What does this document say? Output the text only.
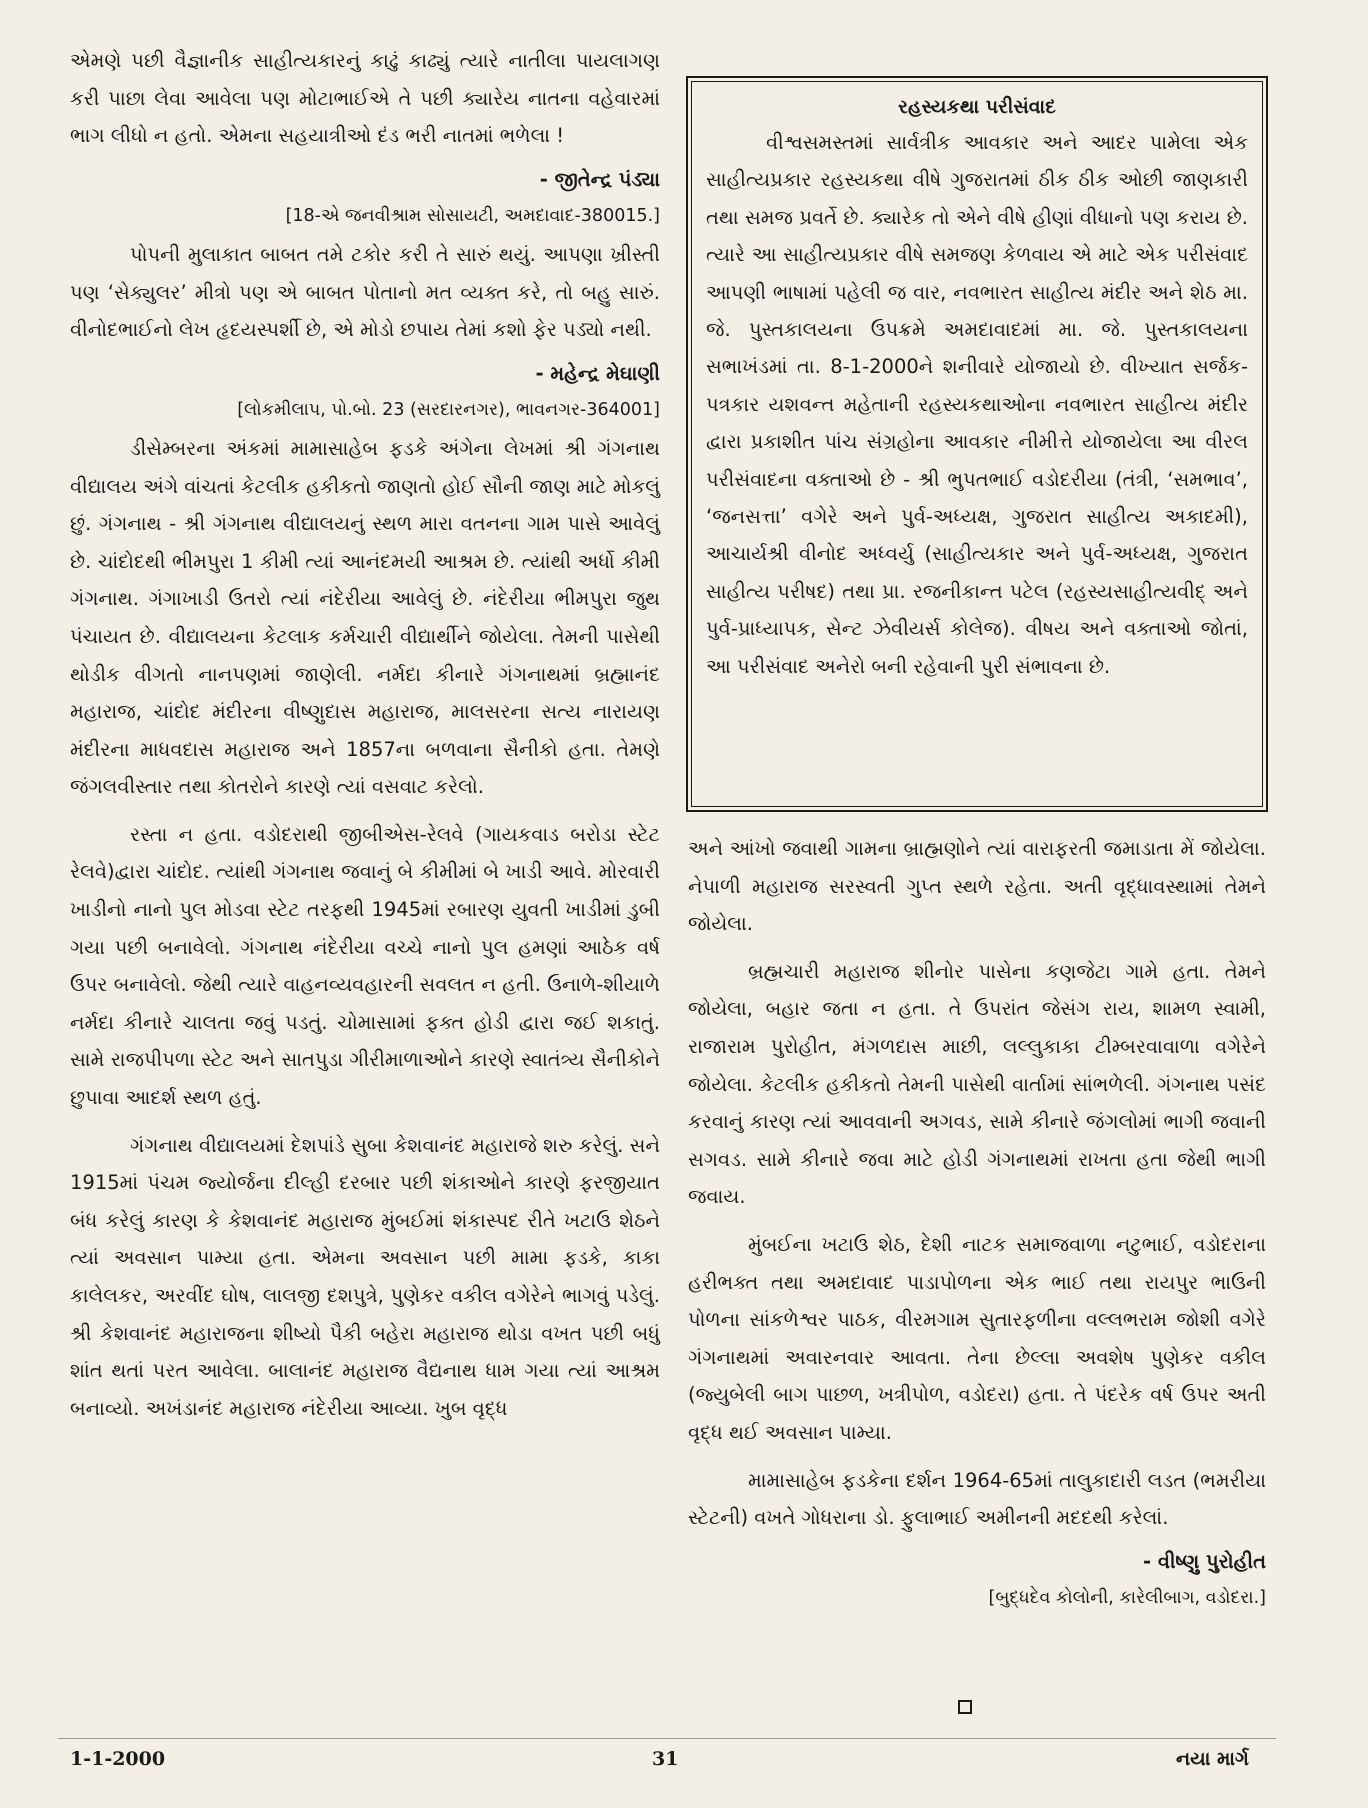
એમણે પછી વૈજ્ઞાનીક સાહીત્યકારનું કાઢું કાઢ્યું ત્યારે નાતીલા પાયલાગણ કરી પાછા લેવા આવેલા પણ મોટાભાઈએ તે પછી ક્યારેય નાતના વહેવારમાં ભાગ લીધો ન હતો. એમના સહયાત્રીઓ દંડ ભરી નાતમાં ભળેલા !

- જીતેન્દ્ર પંડ્યા

[18-એ જનવીશ્રામ સોસાયટી, અમદાવાદ-380015.]

પોપની મુલાકાત બાબત તમે ટકોર કરી તે સારું થયું. આપણા ખ્રીસ્તી પણ ‘સેક્યુલર’ મીત્રો પણ એ બાબત પોતાનો મત વ્યક્ત કરે, તો બહુ સારું. વીનોદભાઈનો લેખ હૃદયસ્પર્શી છે, એ મોડો છપાય તેમાં કશો ફેર પડ્યો નથી.

- મહેન્દ્ર મેઘાણી

[લોકમીલાપ, પો.બો. 23 (સરદારનગર), ભાવનગર-364001]

ડીસેમ્બરના અંકમાં મામાસાહેબ ફડકે અંગેના લેખમાં શ્રી ગંગનાથ વીદ્યાલય અંગે વાંચતાં કેટલીક હકીકતો જાણતો હોઈ સૌની જાણ માટે મોકલું છું. ગંગનાથ - શ્રી ગંગનાથ વીદ્યાલયનું સ્થળ મારા વતનના ગામ પાસે આવેલું છે. ચાંદોદથી ભીમપુરા 1 કીમી ત્યાં આનંદમયી આશ્રમ છે. ત્યાંથી અર્ધો કીમી ગંગનાથ. ગંગાખાડી ઉતરો ત્યાં નંદેરીયા આવેલું છે. નંદેરીયા ભીમપુરા જુથ પંચાયત છે. વીદ્યાલયના કેટલાક કર્મચારી વીદ્યાર્થીને જોયેલા. તેમની પાસેથી થોડીક વીગતો નાનપણમાં જાણેલી. નર્મદા કીનારે ગંગનાથમાં બ્રહ્માનંદ મહારાજ, ચાંદોદ મંદીરના વીષ્ણુદાસ મહારાજ, માલસરના સત્ય નારાયણ મંદીરના માધવદાસ મહારાજ અને 1857ના બળવાના સૈનીકો હતા. તેમણે જંગલવીસ્તાર તથા કોતરોને કારણે ત્યાં વસવાટ કરેલો.

રસ્તા ન હતા. વડોદરાથી જીબીએસ-રેલવે (ગાયકવાડ બરોડા સ્ટેટ રેલવે)દ્વારા ચાંદોદ. ત્યાંથી ગંગનાથ જવાનું બે કીમીમાં બે ખાડી આવે. મોરવારી ખાડીનો નાનો પુલ મોડવા સ્ટેટ તરફથી 1945માં રબારણ યુવતી ખાડીમાં ડુબી ગયા પછી બનાવેલો. ગંગનાથ નંદેરીયા વચ્ચે નાનો પુલ હમણાં આઠેક વર્ષ ઉપર બનાવેલો. જેથી ત્યારે વાહનવ્યવહારની સવલત ન હતી. ઉનાળે-શીયાળે નર્મદા કીનારે ચાલતા જવું પડતું. ચોમાસામાં ફક્ત હોડી દ્વારા જઈ શકાતું. સામે રાજપીપળા સ્ટેટ અને સાતપુડા ગીરીમાળાઓને કારણે સ્વાતંત્ર્ય સૈનીકોને છુપાવા આદર્શ સ્થળ હતું.

ગંગનાથ વીદ્યાલયમાં દેશપાંડે સુબા કેશવાનંદ મહારાજે શરુ કરેલું. સને 1915માં પંચમ જ્યોર્જના દીલ્હી દરબાર પછી શંકાઓને કારણે ફરજીયાત બંધ કરેલું કારણ કે કેશવાનંદ મહારાજ મુંબઈમાં શંકાસ્પદ રીતે ખટાઉ શેઠને ત્યાં અવસાન પામ્યા હતા. એમના અવસાન પછી મામા ફડકે, કાકા કાલેલકર, અરવીંદ ઘોષ, લાલજી દશપુત્રે, પુણેકર વકીલ વગેરેને ભાગવું પડેલું. શ્રી કેશવાનંદ મહારાજના શીષ્યો પૈકી બહેરા મહારાજ થોડા વખત પછી બધું શાંત થતાં પરત આવેલા. બાલાનંદ મહારાજ વૈદ્યનાથ ધામ ગયા ત્યાં આશ્રમ બનાવ્યો. અખંડાનંદ મહારાજ નંદેરીયા આવ્યા. ખુબ વૃદ્ધ

રહસ્યકથા પરીસંવાદ

વીશ્વસમસ્તમાં સાર્વત્રીક આવકાર અને આદર પામેલા એક સાહીત્યપ્રકાર રહસ્યકથા વીષે ગુજરાતમાં ઠીક ઠીક ઓછી જાણકારી તથા સમજ પ્રવર્તે છે. ક્યારેક તો એને વીષે હીણાં વીધાનો પણ કરાય છે. ત્યારે આ સાહીત્યપ્રકાર વીષે સમજણ કેળવાય એ માટે એક પરીસંવાદ આપણી ભાષામાં પહેલી જ વાર, નવભારત સાહીત્ય મંદીર અને શેઠ મા. જે. પુસ્તકાલયના ઉપક્રમે અમદાવાદમાં મા. જે. પુસ્તકાલયના સભાખંડમાં તા. 8-1-2000ને શનીવારે યોજાયો છે. વીખ્યાત સર્જક-પત્રકાર યશવન્ત મહેતાની રહસ્યકથાઓના નવભારત સાહીત્ય મંદીર દ્વારા પ્રકાશીત પાંચ સંગ્રહોના આવકાર નીમીત્તે યોજાયેલા આ વીરલ પરીસંવાદના વક્તાઓ છે - શ્રી ભુપતભાઈ વડોદરીયા (તંત્રી, ‘સમભાવ’, ‘જનસત્તા’ વગેરે અને પુર્વ-અધ્યક્ષ, ગુજરાત સાહીત્ય અકાદમી), આચાર્યશ્રી વીનોદ અધ્વર્યુ (સાહીત્યકાર અને પુર્વ-અધ્યક્ષ, ગુજરાત સાહીત્ય પરીષદ) તથા પ્રા. રજનીકાન્ત પટેલ (રહસ્યસાહીત્યવીદ્ અને પુર્વ-પ્રાધ્યાપક, સેન્ટ ઝેવીયર્સ કોલેજ). વીષય અને વક્તાઓ જોતાં, આ પરીસંવાદ અનેરો બની રહેવાની પુરી સંભાવના છે.

અને આંખો જવાથી ગામના બ્રાહ્મણોને ત્યાં વારાફરતી જમાડાતા મેં જોયેલા. નેપાળી મહારાજ સરસ્વતી ગુપ્ત સ્થળે રહેતા. અતી વૃદ્ધાવસ્થામાં તેમને જોયેલા.

બ્રહ્મચારી મહારાજ શીનોર પાસેના કણજેટા ગામે હતા. તેમને જોયેલા, બહાર જતા ન હતા. તે ઉપરાંત જેસંગ રાય, શામળ સ્વામી, રાજારામ પુરોહીત, મંગળદાસ માછી, લલ્લુકાકા ટીમ્બરવાવાળા વગેરેને જોયેલા. કેટલીક હકીકતો તેમની પાસેથી વાર્તામાં સાંભળેલી. ગંગનાથ પસંદ કરવાનું કારણ ત્યાં આવવાની અગવડ, સામે કીનારે જંગલોમાં ભાગી જવાની સગવડ. સામે કીનારે જવા માટે હોડી ગંગનાથમાં રાખતા હતા જેથી ભાગી જવાય.

મુંબઈના ખટાઉ શેઠ, દેશી નાટક સમાજવાળા નટુભાઈ, વડોદરાના હરીભક્ત તથા અમદાવાદ પાડાપોળના એક ભાઈ તથા રાયપુર ભાઉની પોળના સાંકળેશ્વર પાઠક, વીરમગામ સુતારફળીના વલ્લભરામ જોશી વગેરે ગંગનાથમાં અવારનવાર આવતા. તેના છેલ્લા અવશેષ પુણેકર વકીલ (જ્યુબેલી બાગ પાછળ, ખત્રીપોળ, વડોદરા) હતા. તે પંદરેક વર્ષ ઉપર અતી વૃદ્ધ થઈ અવસાન પામ્યા.

મામાસાહેબ ફડકેના દર્શન 1964-65માં તાલુકાદારી લડત (ભમરીયા સ્ટેટની) વખતે ગોધરાના ડો. ફુલાભાઈ અમીનની મદદથી કરેલાં.

- વીષ્ણુ પુરોહીત

[બુદ્ધદેવ કોલોની, કારેલીબાગ, વડોદરા.]

1-1-2000	31	નયા માર્ગ
